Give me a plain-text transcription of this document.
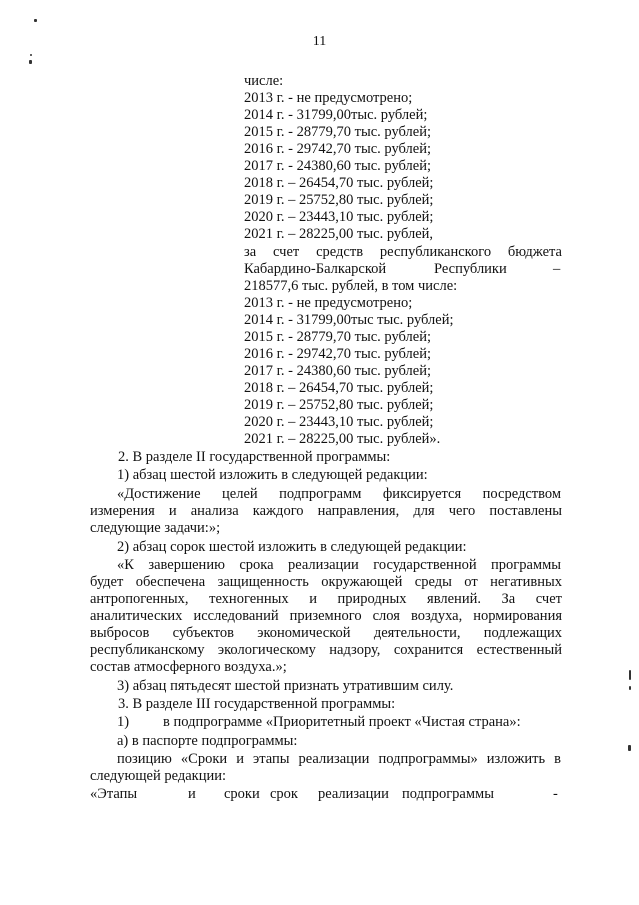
11
числе:
2013 г. - не предусмотрено;
2014 г. - 31799,00тыс. рублей;
2015 г. - 28779,70 тыс. рублей;
2016 г. - 29742,70 тыс. рублей;
2017 г. - 24380,60 тыс. рублей;
2018 г. – 26454,70 тыс. рублей;
2019 г. – 25752,80 тыс. рублей;
2020 г. – 23443,10 тыс. рублей;
2021 г. – 28225,00 тыс. рублей,
за счет средств республиканского бюджета
Кабардино-Балкарской	Республики	–
218577,6 тыс. рублей, в том числе:
2013 г. - не предусмотрено;
2014 г. - 31799,00тыс тыс. рублей;
2015 г. - 28779,70 тыс. рублей;
2016 г. - 29742,70 тыс. рублей;
2017 г. - 24380,60 тыс. рублей;
2018 г. – 26454,70 тыс. рублей;
2019 г. – 25752,80 тыс. рублей;
2020 г. – 23443,10 тыс. рублей;
2021 г. – 28225,00 тыс. рублей».
2. В разделе II государственной программы:
1) абзац шестой изложить в следующей редакции:
«Достижение целей подпрограмм фиксируется посредством
измерения и анализа каждого направления, для чего поставлены
следующие задачи:»;
2) абзац сорок шестой изложить в следующей редакции:
«К завершению срока реализации государственной программы
будет обеспечена защищенность окружающей среды от негативных
антропогенных, техногенных и природных явлений. За счет
аналитических исследований приземного слоя воздуха, нормирования
выбросов субъектов экономической деятельности, подлежащих
республиканскому экологическому надзору, сохранится естественный
состав атмосферного воздуха.»;
3) абзац пятьдесят шестой признать утратившим силу.
3. В разделе III государственной программы:
1) в подпрограмме «Приоритетный проект «Чистая страна»:
а) в паспорте подпрограммы:
позицию «Сроки и этапы реализации подпрограммы» изложить в
следующей редакции:
«Этапы	и сроки срок реализации подпрограммы	-
